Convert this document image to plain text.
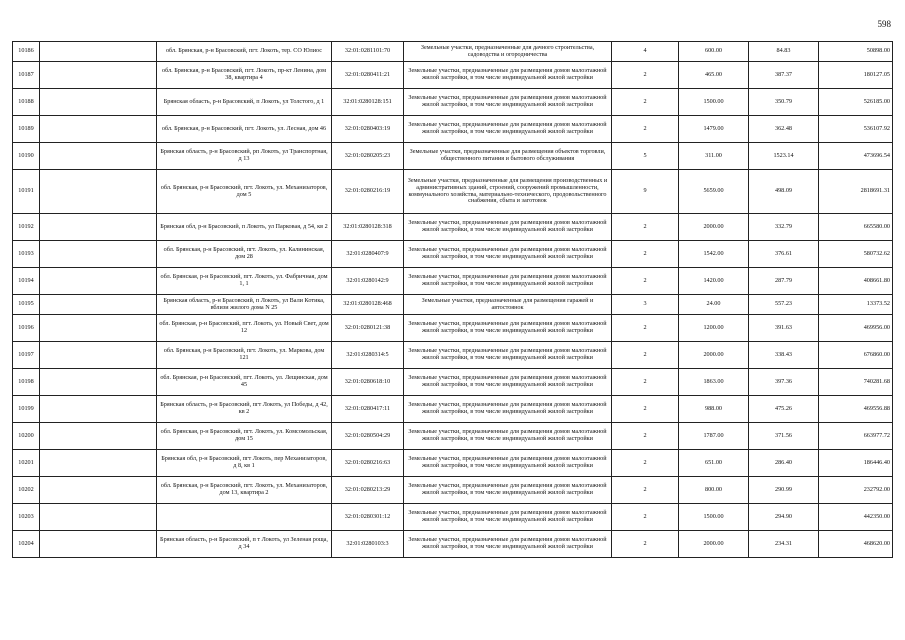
598
10186		обл. Брянская, р-н Брасовский, пгт. Локоть, тер. СО Юлиос	32:01:0281101:70	Земельные участки, предназначенные для дачного строительства, садоводства и огородничества	4	600.00	84.83	50898.00
10187		обл. Брянская, р-н Брасовский, пгт. Локоть, пр-кт Ленина, дом 38, квартира 4	32:01:0280411:21	Земельные участки, предназначенные для размещения домов малоэтажной жилой застройки, в том числе индивидуальной жилой застройки	2	465.00	387.37	180127.05
10188		Брянская область, р-н Брасовский, п Локоть, ул Толстого, д 1	32:01:0280128:151	Земельные участки, предназначенные для размещения домов малоэтажной жилой застройки, в том числе индивидуальной жилой застройки	2	1500.00	350.79	526185.00
10189		обл. Брянская, р-н Брасовский, пгт. Локоть, ул. Лесная, дом 46	32:01:0280403:19	Земельные участки, предназначенные для размещения домов малоэтажной жилой застройки, в том числе индивидуальной жилой застройки	2	1479.00	362.48	536107.92
10190		Брянская область, р-н Брасовский, рп Локоть, ул Транспортная, д 13	32:01:0280205:23	Земельные участки, предназначенные для размещения объектов торговли, общественного питания и бытового обслуживания	5	311.00	1523.14	473696.54
10191		обл. Брянская, р-н Брасовский, пгт. Локоть, ул. Механизаторов, дом 5	32:01:0280216:19	Земельные участки, предназначенные для размещения производственных и административных зданий, строений, сооружений промышленности, коммунального хозяйства, материально-технического, продовольственного снабжения, сбыта и заготовок	9	5659.00	498.09	2818691.31
10192		Брянская обл, р-н Брасовский, п Локоть, ул Парковая, д 54, кв 2	32:01:0280128:318	Земельные участки, предназначенные для размещения домов малоэтажной жилой застройки, в том числе индивидуальной жилой застройки	2	2000.00	332.79	665580.00
10193		обл. Брянская, р-н Брасовский, пгт. Локоть, ул. Калининская, дом 28	32:01:0280407:9	Земельные участки, предназначенные для размещения домов малоэтажной жилой застройки, в том числе индивидуальной жилой застройки	2	1542.00	376.61	580732.62
10194		обл. Брянская, р-н Брасовский, пгт. Локоть, ул. Фабричная, дом 1, 1	32:01:0280142:9	Земельные участки, предназначенные для размещения домов малоэтажной жилой застройки, в том числе индивидуальной жилой застройки	2	1420.00	287.79	408661.80
10195		Брянская область, р-н Брасовский, п Локоть, ул Вали Котика, вблизи жилого дома N 25	32:01:0280128:468	Земельные участки, предназначенные для размещения гаражей и автостоянок	3	24.00	557.23	13373.52
10196		обл. Брянская, р-н Брасовский, пгт. Локоть, ул. Новый Свет, дом 12	32:01:0280121:38	Земельные участки, предназначенные для размещения домов малоэтажной жилой застройки, в том числе индивидуальной жилой застройки	2	1200.00	391.63	469956.00
10197		обл. Брянская, р-н Брасовский, пгт. Локоть, ул. Маркова, дом 121	32:01:0280314:5	Земельные участки, предназначенные для размещения домов малоэтажной жилой застройки, в том числе индивидуальной жилой застройки	2	2000.00	338.43	676860.00
10198		обл. Брянская, р-н Брасовский, пгт. Локоть, ул. Лещинская, дом 45	32:01:0280618:10	Земельные участки, предназначенные для размещения домов малоэтажной жилой застройки, в том числе индивидуальной жилой застройки	2	1863.00	397.36	740281.68
10199		Брянская область, р-н Брасовский, пгт Локоть, ул Победы, д 42, кв 2	32:01:0280417:11	Земельные участки, предназначенные для размещения домов малоэтажной жилой застройки, в том числе индивидуальной жилой застройки	2	988.00	475.26	469556.88
10200		обл. Брянская, р-н Брасовский, пгт. Локоть, ул. Комсомольская, дом 15	32:01:0280504:29	Земельные участки, предназначенные для размещения домов малоэтажной жилой застройки, в том числе индивидуальной жилой застройки	2	1787.00	371.56	663977.72
10201		Брянская обл, р-н Брасовский, пгт Локоть, пер Механизаторов, д 8, кв 1	32:01:0280216:63	Земельные участки, предназначенные для размещения домов малоэтажной жилой застройки, в том числе индивидуальной жилой застройки	2	651.00	286.40	186446.40
10202		обл. Брянская, р-н Брасовский, пгт. Локоть, ул. Механизаторов, дом 13, квартира 2	32:01:0280213:29	Земельные участки, предназначенные для размещения домов малоэтажной жилой застройки, в том числе индивидуальной жилой застройки	2	800.00	290.99	232792.00
10203			32:01:0280301:12	Земельные участки, предназначенные для размещения домов малоэтажной жилой застройки, в том числе индивидуальной жилой застройки	2	1500.00	294.90	442350.00
10204		Брянская область, р-н Брасовский, п т Локоть, ул Зеленая роща, д 34	32:01:0280103:3	Земельные участки, предназначенные для размещения домов малоэтажной жилой застройки, в том числе индивидуальной жилой застройки	2	2000.00	234.31	468620.00
